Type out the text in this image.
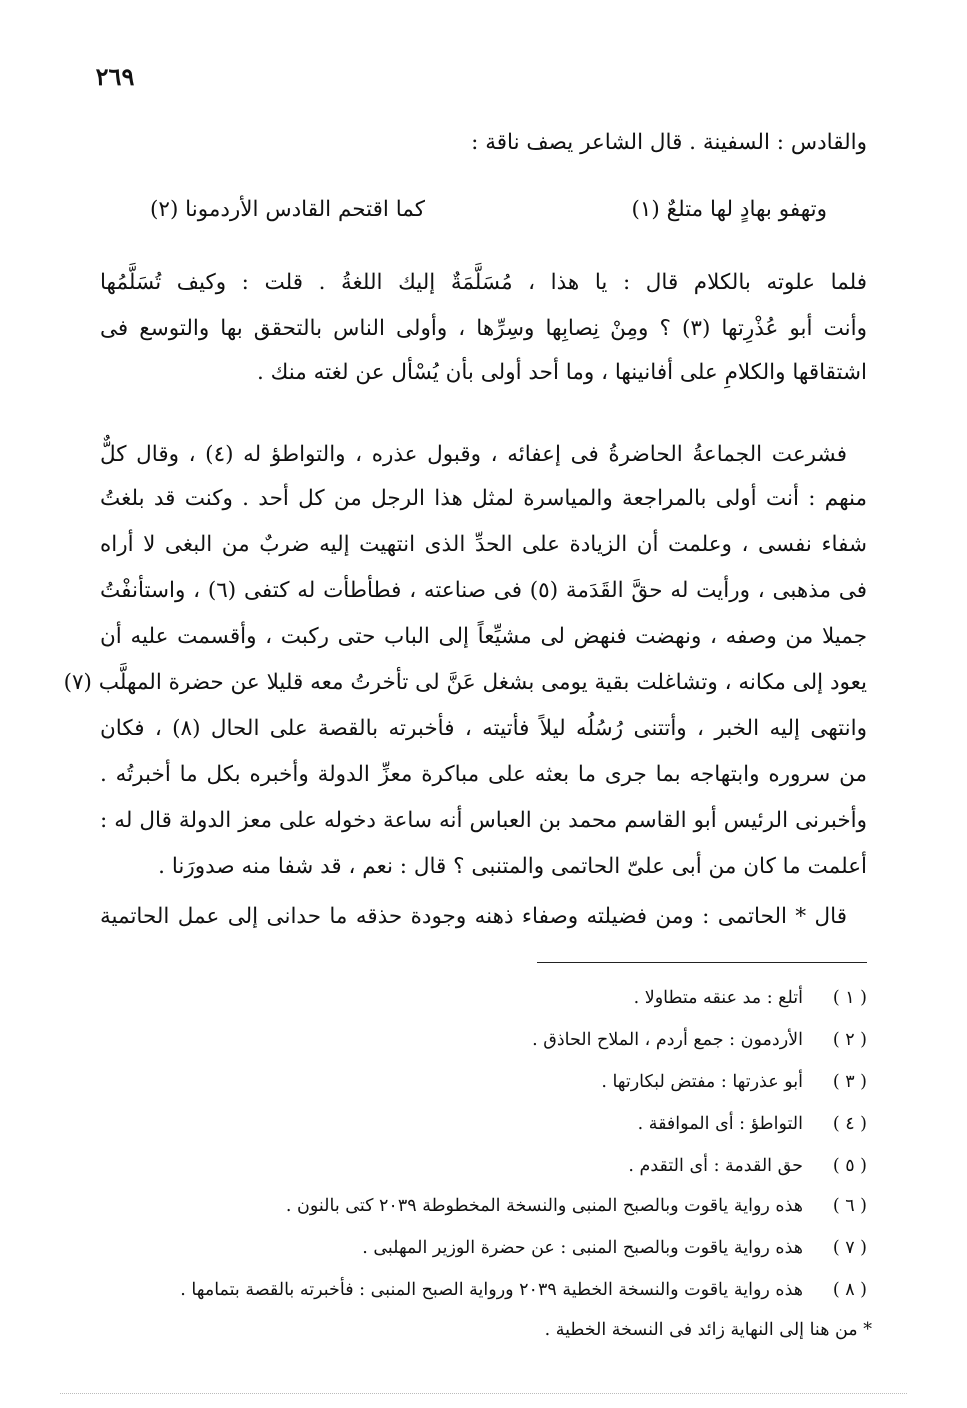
٢٦٩
والقادس : السفينة . قال الشاعر يصف ناقة :
وتهفو بهادٍ لها متلعٌ (١)
كما اقتحم القادس الأردمونا (٢)
فلما علوته بالكلام قال : يا هذا ، مُسَلَّمَةٌ إليك اللغةُ . قلت : وكيف تُسَلَّمُها
وأنت أبو عُذْرِتها (٣) ؟ ومِنْ نِصابِها وسِرِّها ، وأولى الناس بالتحقق بها والتوسع فى
اشتقاقها والكلامِ على أفانينها ، وما أحد أولى بأن يُسْأل عن لغته منك .
فشرعت الجماعةُ الحاضرةُ فى إعفائه ، وقبول عذره ، والتواطؤ له (٤) ، وقال كلٌّ
منهم : أنت أولى بالمراجعة والمياسرة لمثل هذا الرجل من كل أحد . وكنت قد بلغتُ
شفاء نفسى ، وعلمت أن الزيادة على الحدِّ الذى انتهيت إليه ضربٌ من البغى لا أراه
فى مذهبى ، ورأيت له حقَّ القَدَمة (٥) فى صناعته ، فطأطأت له كتفى (٦) ، واستأنفْتُ
جميلا من وصفه ، ونهضت فنهض لى مشيِّعاً إلى الباب حتى ركبت ، وأقسمت عليه أن
يعود إلى مكانه ، وتشاغلت بقية يومى بشغل عَنَّ لى تأخرتُ معه قليلا عن حضرة المهلَّب (٧)
وانتهى إليه الخبر ، وأتتنى رُسُلُه ليلاً فأتيته ، فأخبرته بالقصة على الحال (٨) ، فكان
من سروره وابتهاجه بما جرى ما بعثه على مباكرة معزِّ الدولة وأخبره بكل ما أخبرتُه .
وأخبرنى الرئيس أبو القاسم محمد بن العباس أنه ساعة دخوله على معز الدولة قال له :
أعلمت ما كان من أبى علىّ الحاتمى والمتنبى ؟ قال : نعم ، قد شفا منه صدورَنا .
قال * الحاتمى : ومن فضيلته وصفاء ذهنه وجودة حذقه ما حدانى إلى عمل الحاتمية
( ١ )أتلع : مد عنقه متطاولا .
( ٢ )الأردمون : جمع أردم ، الملاح الحاذق .
( ٣ )أبو عذرتها : مفتض لبكارتها .
( ٤ )التواطؤ : أى الموافقة .
( ٥ )حق القدمة : أى التقدم .
( ٦ )هذه رواية ياقوت وبالصبح المنبى والنسخة المخطوطة ٢٠٣٩ كتى بالنون .
( ٧ )هذه رواية ياقوت وبالصبح المنبى : عن حضرة الوزير المهلبى .
( ٨ )هذه رواية ياقوت والنسخة الخطية ٢٠٣٩ ورواية الصبح المنبى : فأخبرته بالقصة بتمامها .
* من هنا إلى النهاية زائد فى النسخة الخطية .
